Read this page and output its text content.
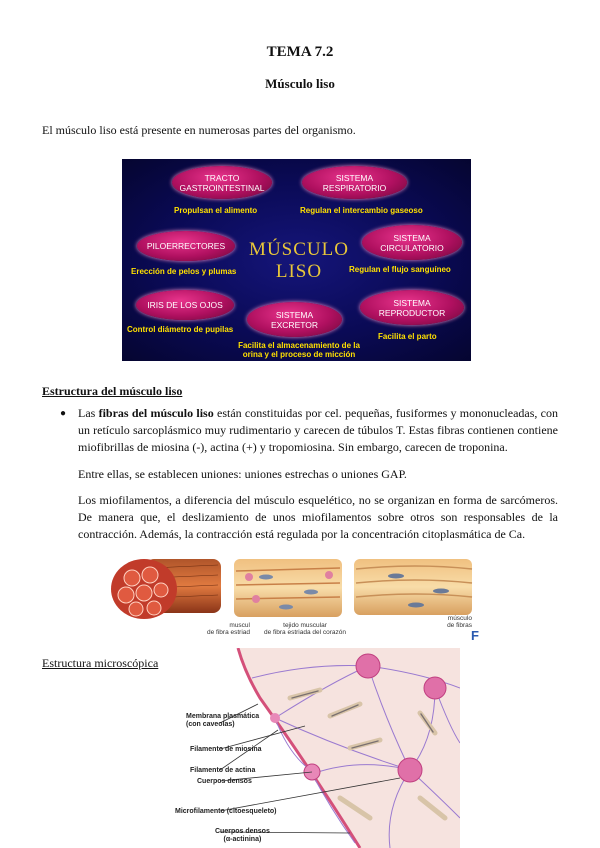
TEMA 7.2
Músculo liso
El músculo liso está presente en numerosas partes del organismo.
MÚSCULO
LISO
TRACTO
GASTROINTESTINAL
Propulsan el alimento
SISTEMA
RESPIRATORIO
Regulan el intercambio gaseoso
PILOERRECTORES
Erección de pelos y plumas
SISTEMA
CIRCULATORIO
Regulan el flujo sanguíneo
IRIS DE LOS OJOS
Control diámetro de pupilas
SISTEMA
EXCRETOR
Facilita el almacenamiento de la
orina y el proceso de micción
SISTEMA
REPRODUCTOR
Facilita el parto
Estructura del músculo liso
● Las fibras del músculo liso están constituidas por cel. pequeñas, fusiformes y mononucleadas, con un retículo sarcoplásmico muy rudimentario y carecen de túbulos T. Estas fibras contienen contiene miofibrillas de miosina (-), actina (+) y tropomiosina. Sin embargo, carecen de troponina.
Entre ellas, se establecen uniones: uniones estrechas o uniones GAP.
Los miofilamentos, a diferencia del músculo esquelético, no se organizan en forma de sarcómeros. De manera que, el deslizamiento de unos miofilamentos sobre otros son responsables de la contracción. Además, la contracción está regulada por la concentración citoplasmática de Ca.
muscul
de fibra estriad
tejido muscular
de fibra estriada del corazón
músculo
de fibras
F
Estructura microscópica
Membrana plasmática
(con caveolas)
Filamento de miosina
Filamento de actina
Cuerpos densos
Microfilamento (citoesqueleto)
Cuerpos densos
(α-actinina)
